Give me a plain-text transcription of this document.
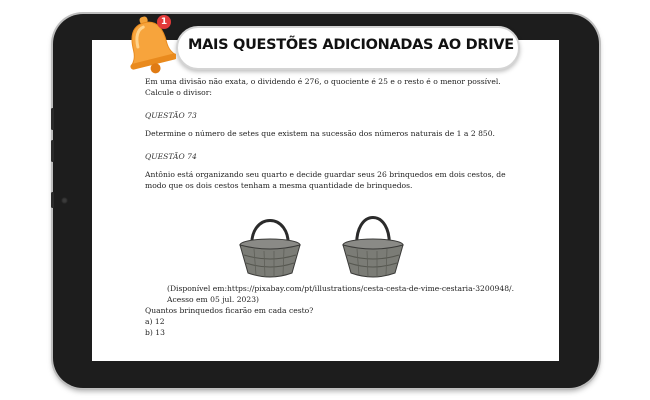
Em uma divisão não exata, o dividendo é 276, o quociente é 25 e o resto é o menor possível. Calcule o divisor:

QUESTÃO 73

Determine o número de setes que existem na sucessão dos números naturais de 1 a 2 850.

QUESTÃO 74

Antônio está organizando seu quarto e decide guardar seus 26 brinquedos em dois cestos, de modo que os dois cestos tenham a mesma quantidade de brinquedos.

(Disponível em:https://pixabay.com/pt/illustrations/cesta-cesta-de-vime-cestaria-3200948/. Acesso em 05 jul. 2023)

Quantos brinquedos ficarão em cada cesto?

a) 12

b) 13

MAIS QUESTÕES ADICIONADAS AO DRIVE
1
